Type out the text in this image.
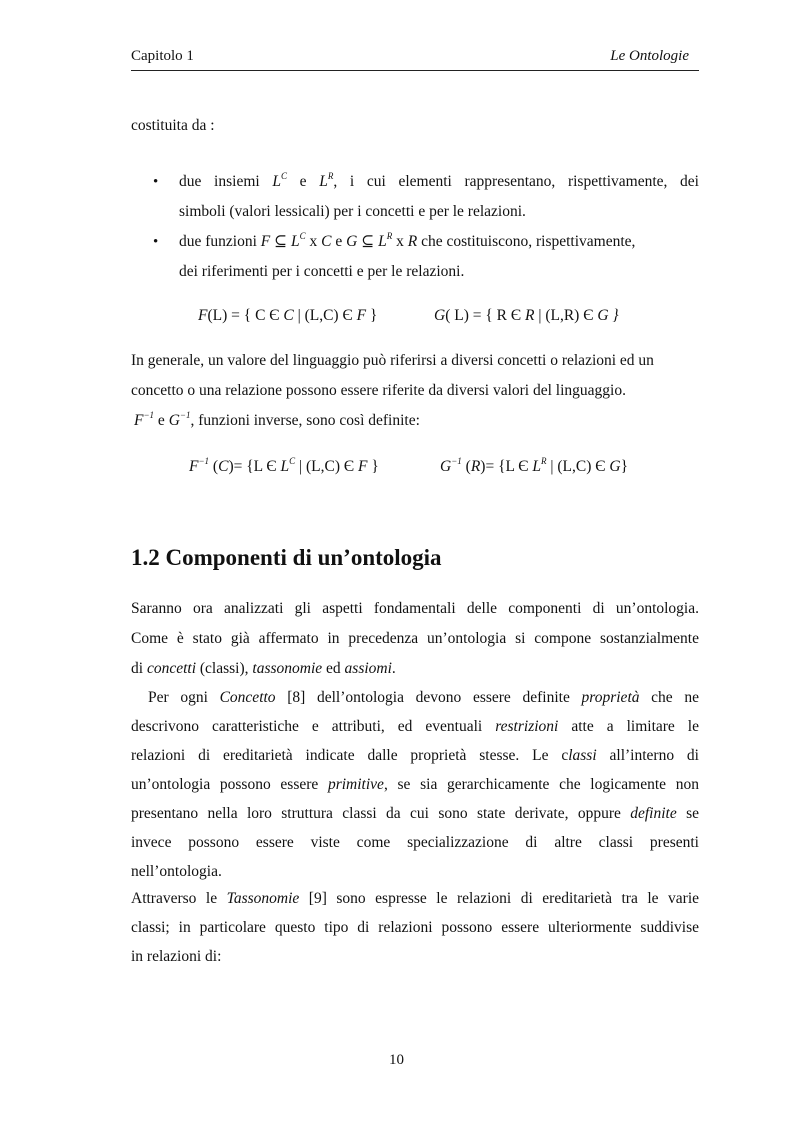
Capitolo 1	Le Ontologie
costituita da :
• due insiemi $L^C$ e $L^R$, i cui elementi rappresentano, rispettivamente, dei
simboli (valori lessicali) per i concetti e per le relazioni.
• due funzioni F ⊆ $L^C$ x C e G ⊆ $L^R$ x R che costituiscono, rispettivamente,
dei riferimenti per i concetti e per le relazioni.
F(L) = { C Є C | (L,C) Є F }	G( L) = { R Є R | (L,R) Є G }
In generale, un valore del linguaggio può riferirsi a diversi concetti o relazioni ed un
concetto o una relazione possono essere riferite da diversi valori del linguaggio.
$F^{-1}$ e $G^{-1}$, funzioni inverse, sono così definite:
$F^{-1}$ (C)= {L Є $L^C$ | (L,C) Є F }	$G^{-1}$ (R)= {L Є $L^R$ | (L,C) Є G}
1.2 Componenti di un’ontologia
Saranno ora analizzati gli aspetti fondamentali delle componenti di un’ontologia.
Come è stato già affermato in precedenza un’ontologia si compone sostanzialmente
di concetti (classi), tassonomie ed assiomi.
Per ogni Concetto [8] dell’ontologia devono essere definite proprietà che ne
descrivono caratteristiche e attributi, ed eventuali restrizioni atte a limitare le
relazioni di ereditarietà indicate dalle proprietà stesse. Le classi all’interno di
un’ontologia possono essere primitive, se sia gerarchicamente che logicamente non
presentano nella loro struttura classi da cui sono state derivate, oppure definite se
invece possono essere viste come specializzazione di altre classi presenti
nell’ontologia.
Attraverso le Tassonomie [9] sono espresse le relazioni di ereditarietà tra le varie
classi; in particolare questo tipo di relazioni possono essere ulteriormente suddivise
in relazioni di:
10
